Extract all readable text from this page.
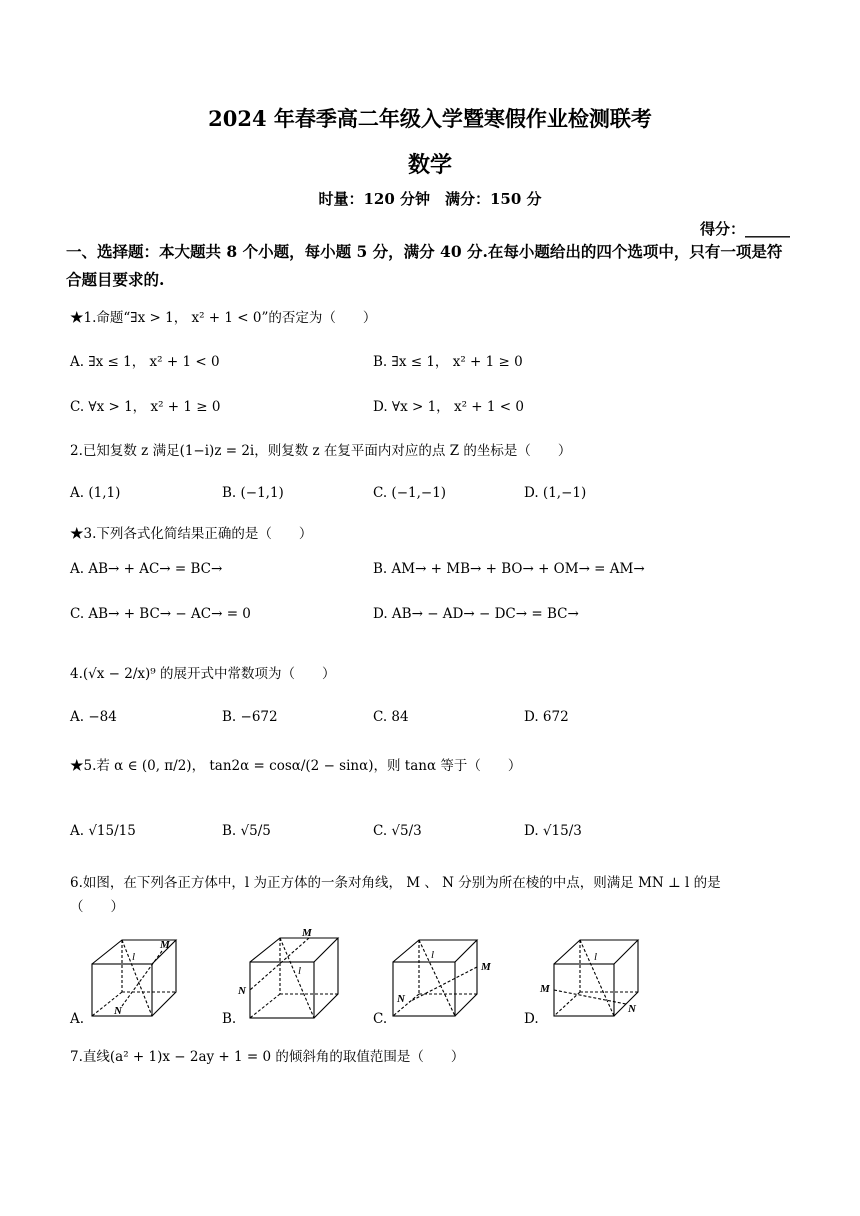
2024 年春季高二年级入学暨寒假作业检测联考
数学
时量：120 分钟　满分：150 分
得分：______
一、选择题：本大题共 8 个小题，每小题 5 分，满分 40 分.在每小题给出的四个选项中，只有一项是符合题目要求的.
★1.命题“∃x > 1， x² + 1 < 0”的否定为（　　）
A. ∃x ≤ 1， x² + 1 < 0	B. ∃x ≤ 1， x² + 1 ≥ 0
C. ∀x > 1， x² + 1 ≥ 0	D. ∀x > 1， x² + 1 < 0
2.已知复数 z 满足(1−i)z = 2i，则复数 z 在复平面内对应的点 Z 的坐标是（　　）
A. (1,1)	B. (−1,1)	C. (−1,−1)	D. (1,−1)
★3.下列各式化简结果正确的是（　　）
A. AB→ + AC→ = BC→	B. AM→ + MB→ + BO→ + OM→ = AM→
C. AB→ + BC→ − AC→ = 0	D. AB→ − AD→ − DC→ = BC→
4.(√x − 2/x)⁹ 的展开式中常数项为（　　）
A. −84	B. −672	C. 84	D. 672
★5.若 α ∈ (0, π/2)， tan2α = cosα/(2 − sinα)，则 tanα 等于（　　）
A. √15/15	B. √5/5	C. √5/3	D. √15/3
6.如图，在下列各正方体中，l 为正方体的一条对角线， M 、 N 分别为所在棱的中点，则满足 MN ⊥ l 的是
（　　）
l
M
N
A.
l
M
N
B.
l
M
N
C.
l
M
N
D.
7.直线(a² + 1)x − 2ay + 1 = 0 的倾斜角的取值范围是（　　）
